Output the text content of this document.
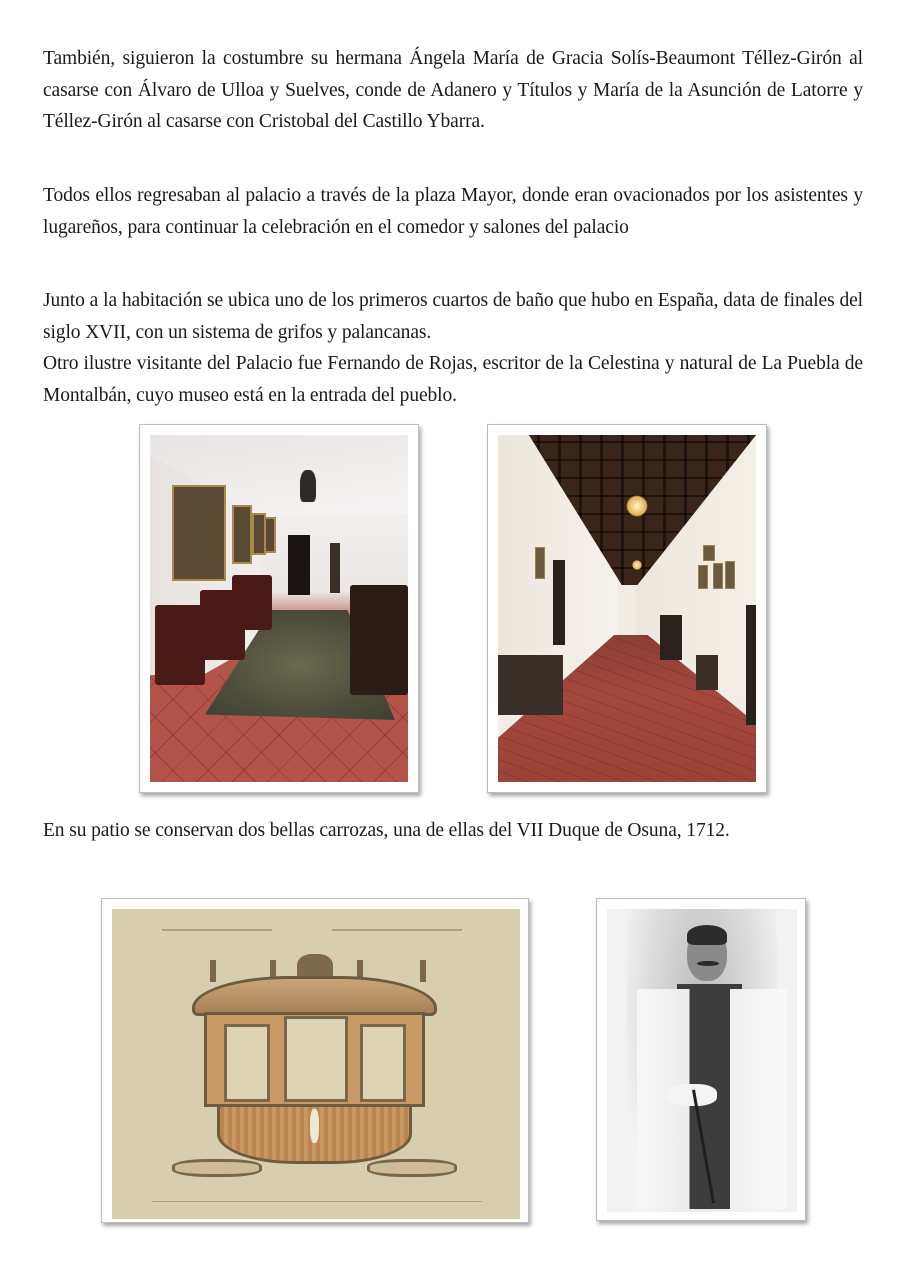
También, siguieron la costumbre su hermana Ángela María de Gracia Solís-Beaumont Téllez-Girón al casarse con Álvaro de Ulloa y Suelves, conde de Adanero y Títulos y María de la Asunción de Latorre y Téllez-Girón al casarse con Cristobal del Castillo Ybarra.

Todos ellos regresaban al palacio a través de la plaza Mayor, donde eran ovacionados por los asistentes y lugareños, para continuar la celebración en el comedor y salones del palacio

Junto a la habitación se ubica uno de los primeros cuartos de baño que hubo en España, data de finales del siglo XVII, con un sistema de grifos y palancanas.

Otro ilustre visitante del Palacio fue Fernando de Rojas, escritor de la Celestina y natural de La Puebla de Montalbán, cuyo museo está en la entrada del pueblo.

En su patio se conservan dos bellas carrozas, una de ellas del VII Duque de Osuna, 1712.
